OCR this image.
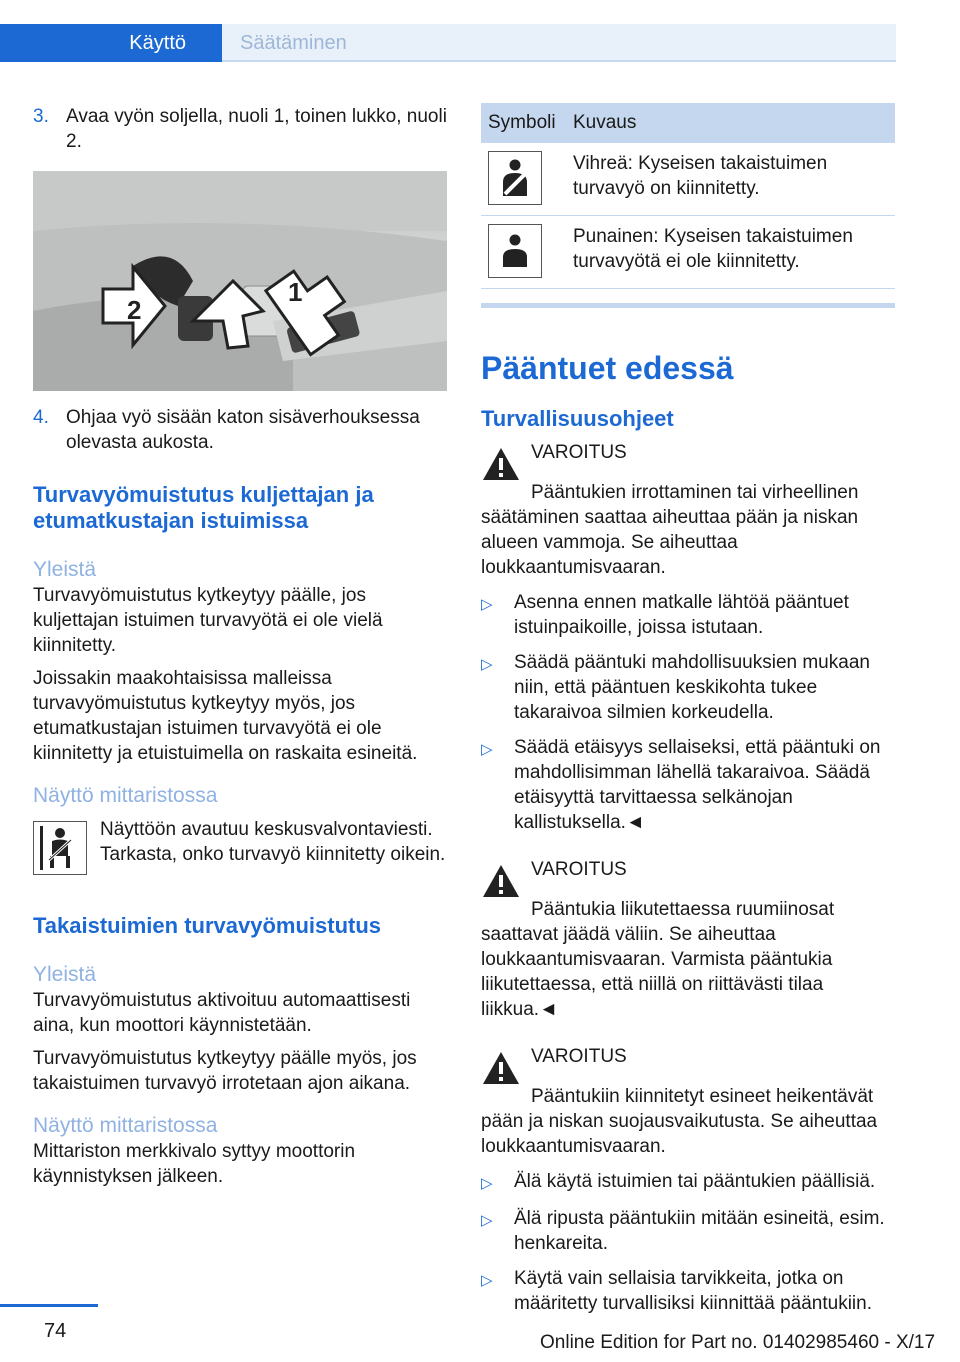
Käyttö	Säätäminen
3. Avaa vyön soljella, nuoli 1, toinen lukko, nuoli 2.
1
2
4. Ohjaa vyö sisään katon sisäverhouksessa olevasta aukosta.
Turvavyömuistutus kuljettajan ja etumatkustajan istuimissa
Yleistä

Turvavyömuistutus kytkeytyy päälle, jos kuljettajan istuimen turvavyötä ei ole vielä kiinnitetty.

Joissakin maakohtaisissa malleissa turvavyömuistutus kytkeytyy myös, jos etumatkustajan istuimen turvavyötä ei ole kiinnitetty ja etuistuimella on raskaita esineitä.

Näyttö mittaristossa

Näyttöön avautuu keskusvalvontaviesti. Tarkasta, onko turvavyö kiinnitetty oikein.

Takaistuimien turvavyömuistutus
Yleistä

Turvavyömuistutus aktivoituu automaattisesti aina, kun moottori käynnistetään.

Turvavyömuistutus kytkeytyy päälle myös, jos takaistuimen turvavyö irrotetaan ajon aikana.

Näyttö mittaristossa

Mittariston merkkivalo syttyy moottorin käynnistyksen jälkeen.

Symboli	Kuvaus

	Vihreä: Kyseisen takaistuimen turvavyö on kiinnitetty.

	Punainen: Kyseisen takaistuimen turvavyötä ei ole kiinnitetty.
Pääntuet edessä
Turvallisuusohjeet
VAROITUS

Pääntukien irrottaminen tai virheellinen säätäminen saattaa aiheuttaa pään ja niskan alueen vammoja. Se aiheuttaa loukkaantumisvaaran.

▷	Asenna ennen matkalle lähtöä pääntuet istuinpaikoille, joissa istutaan.
▷	Säädä pääntuki mahdollisuuksien mukaan niin, että pääntuen keskikohta tukee takaraivoa silmien korkeudella.
▷	Säädä etäisyys sellaiseksi, että pääntuki on mahdollisimman lähellä takaraivoa. Säädä etäisyyttä tarvittaessa selkänojan kallistuksella.◄
VAROITUS

Pääntukia liikutettaessa ruumiinosat saattavat jäädä väliin. Se aiheuttaa loukkaantumisvaaran. Varmista pääntukia liikutettaessa, että niillä on riittävästi tilaa liikkua.◄

VAROITUS

Pääntukiin kiinnitetyt esineet heikentävät pään ja niskan suojausvaikutusta. Se aiheuttaa loukkaantumisvaaran.

▷	Älä käytä istuimien tai pääntukien päällisiä.
▷	Älä ripusta pääntukiin mitään esineitä, esim. henkareita.
▷	Käytä vain sellaisia tarvikkeita, jotka on määritetty turvallisiksi kiinnittää pääntukiin.
74
Online Edition for Part no. 01402985460 - X/17
